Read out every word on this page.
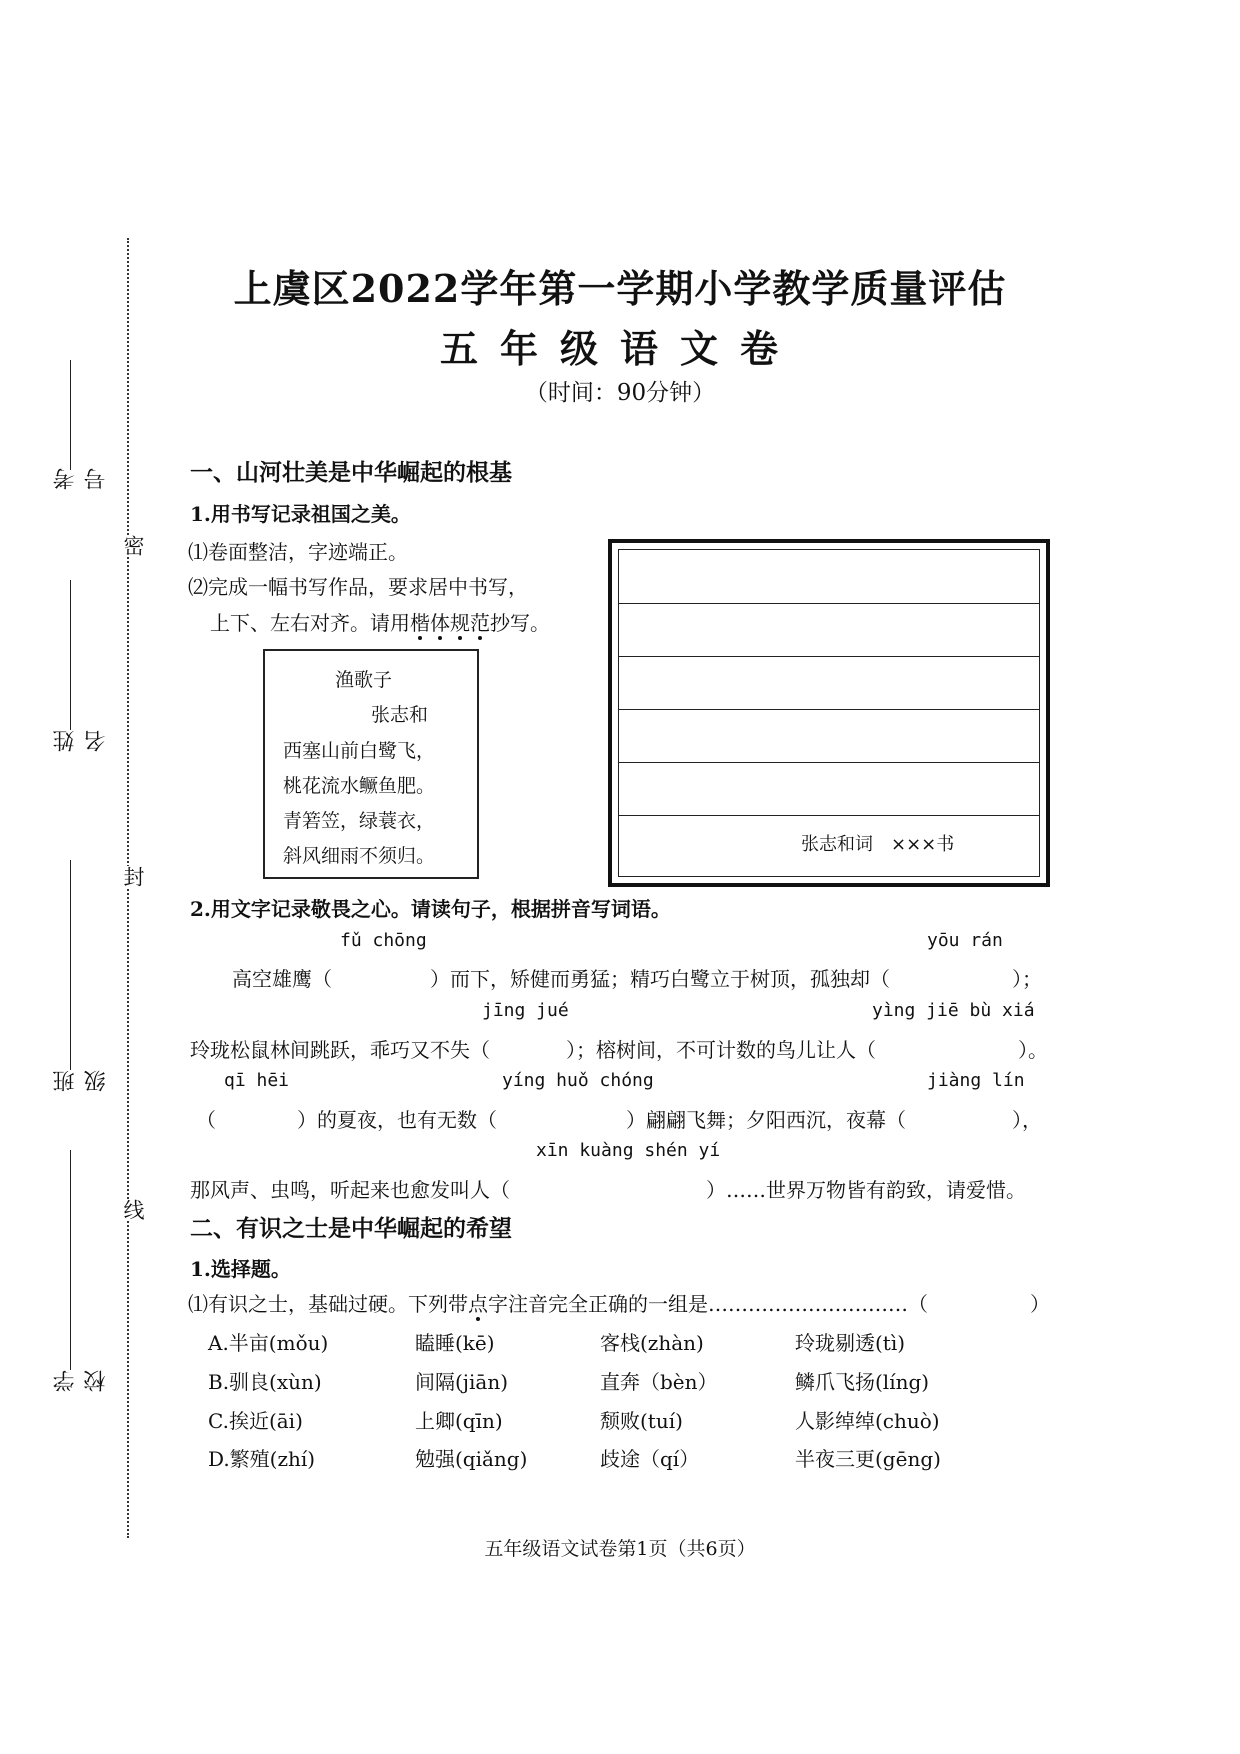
密
封
线
考号
姓名
班级
学校
上虞区2022学年第一学期小学教学质量评估
五年级语文卷
（时间：90分钟）
一、山河壮美是中华崛起的根基
1.用书写记录祖国之美。
⑴卷面整洁，字迹端正。
⑵完成一幅书写作品，要求居中书写，
上下、左右对齐。请用楷体规范抄写。
渔歌子
张志和
西塞山前白鹭飞，
桃花流水鳜鱼肥。
青箬笠，绿蓑衣，
斜风细雨不须归。
张志和词　×××书
2.用文字记录敬畏之心。请读句子，根据拼音写词语。
fǔ chōng	yōu rán
高空雄鹰（	）而下，矫健而勇猛；精巧白鹭立于树顶，孤独却（	）；
jīng jué	yìng jiē bù xiá
玲珑松鼠林间跳跃，乖巧又不失（	）；榕树间，不可计数的鸟儿让人（	）。
qī hēi	yíng huǒ chóng	jiàng lín
（	）的夏夜，也有无数（	）翩翩飞舞；夕阳西沉，夜幕（	），
xīn kuàng shén yí
那风声、虫鸣，听起来也愈发叫人（	）……世界万物皆有韵致，请爱惜。
二、有识之士是中华崛起的希望
1.选择题。
⑴有识之士，基础过硬。下列带点字注音完全正确的一组是…………………………（	）
A.半亩(mǒu)	瞌睡(kē)	客栈(zhàn)	玲珑剔透(tì)
B.驯良(xùn)	间隔(jiān)	直奔（bèn）	鳞爪飞扬(líng)
C.挨近(āi)	上卿(qīn)	颓败(tuí)	人影绰绰(chuò)
D.繁殖(zhí)	勉强(qiǎng)	歧途（qí）	半夜三更(gēng)
五年级语文试卷第1页（共6页）
